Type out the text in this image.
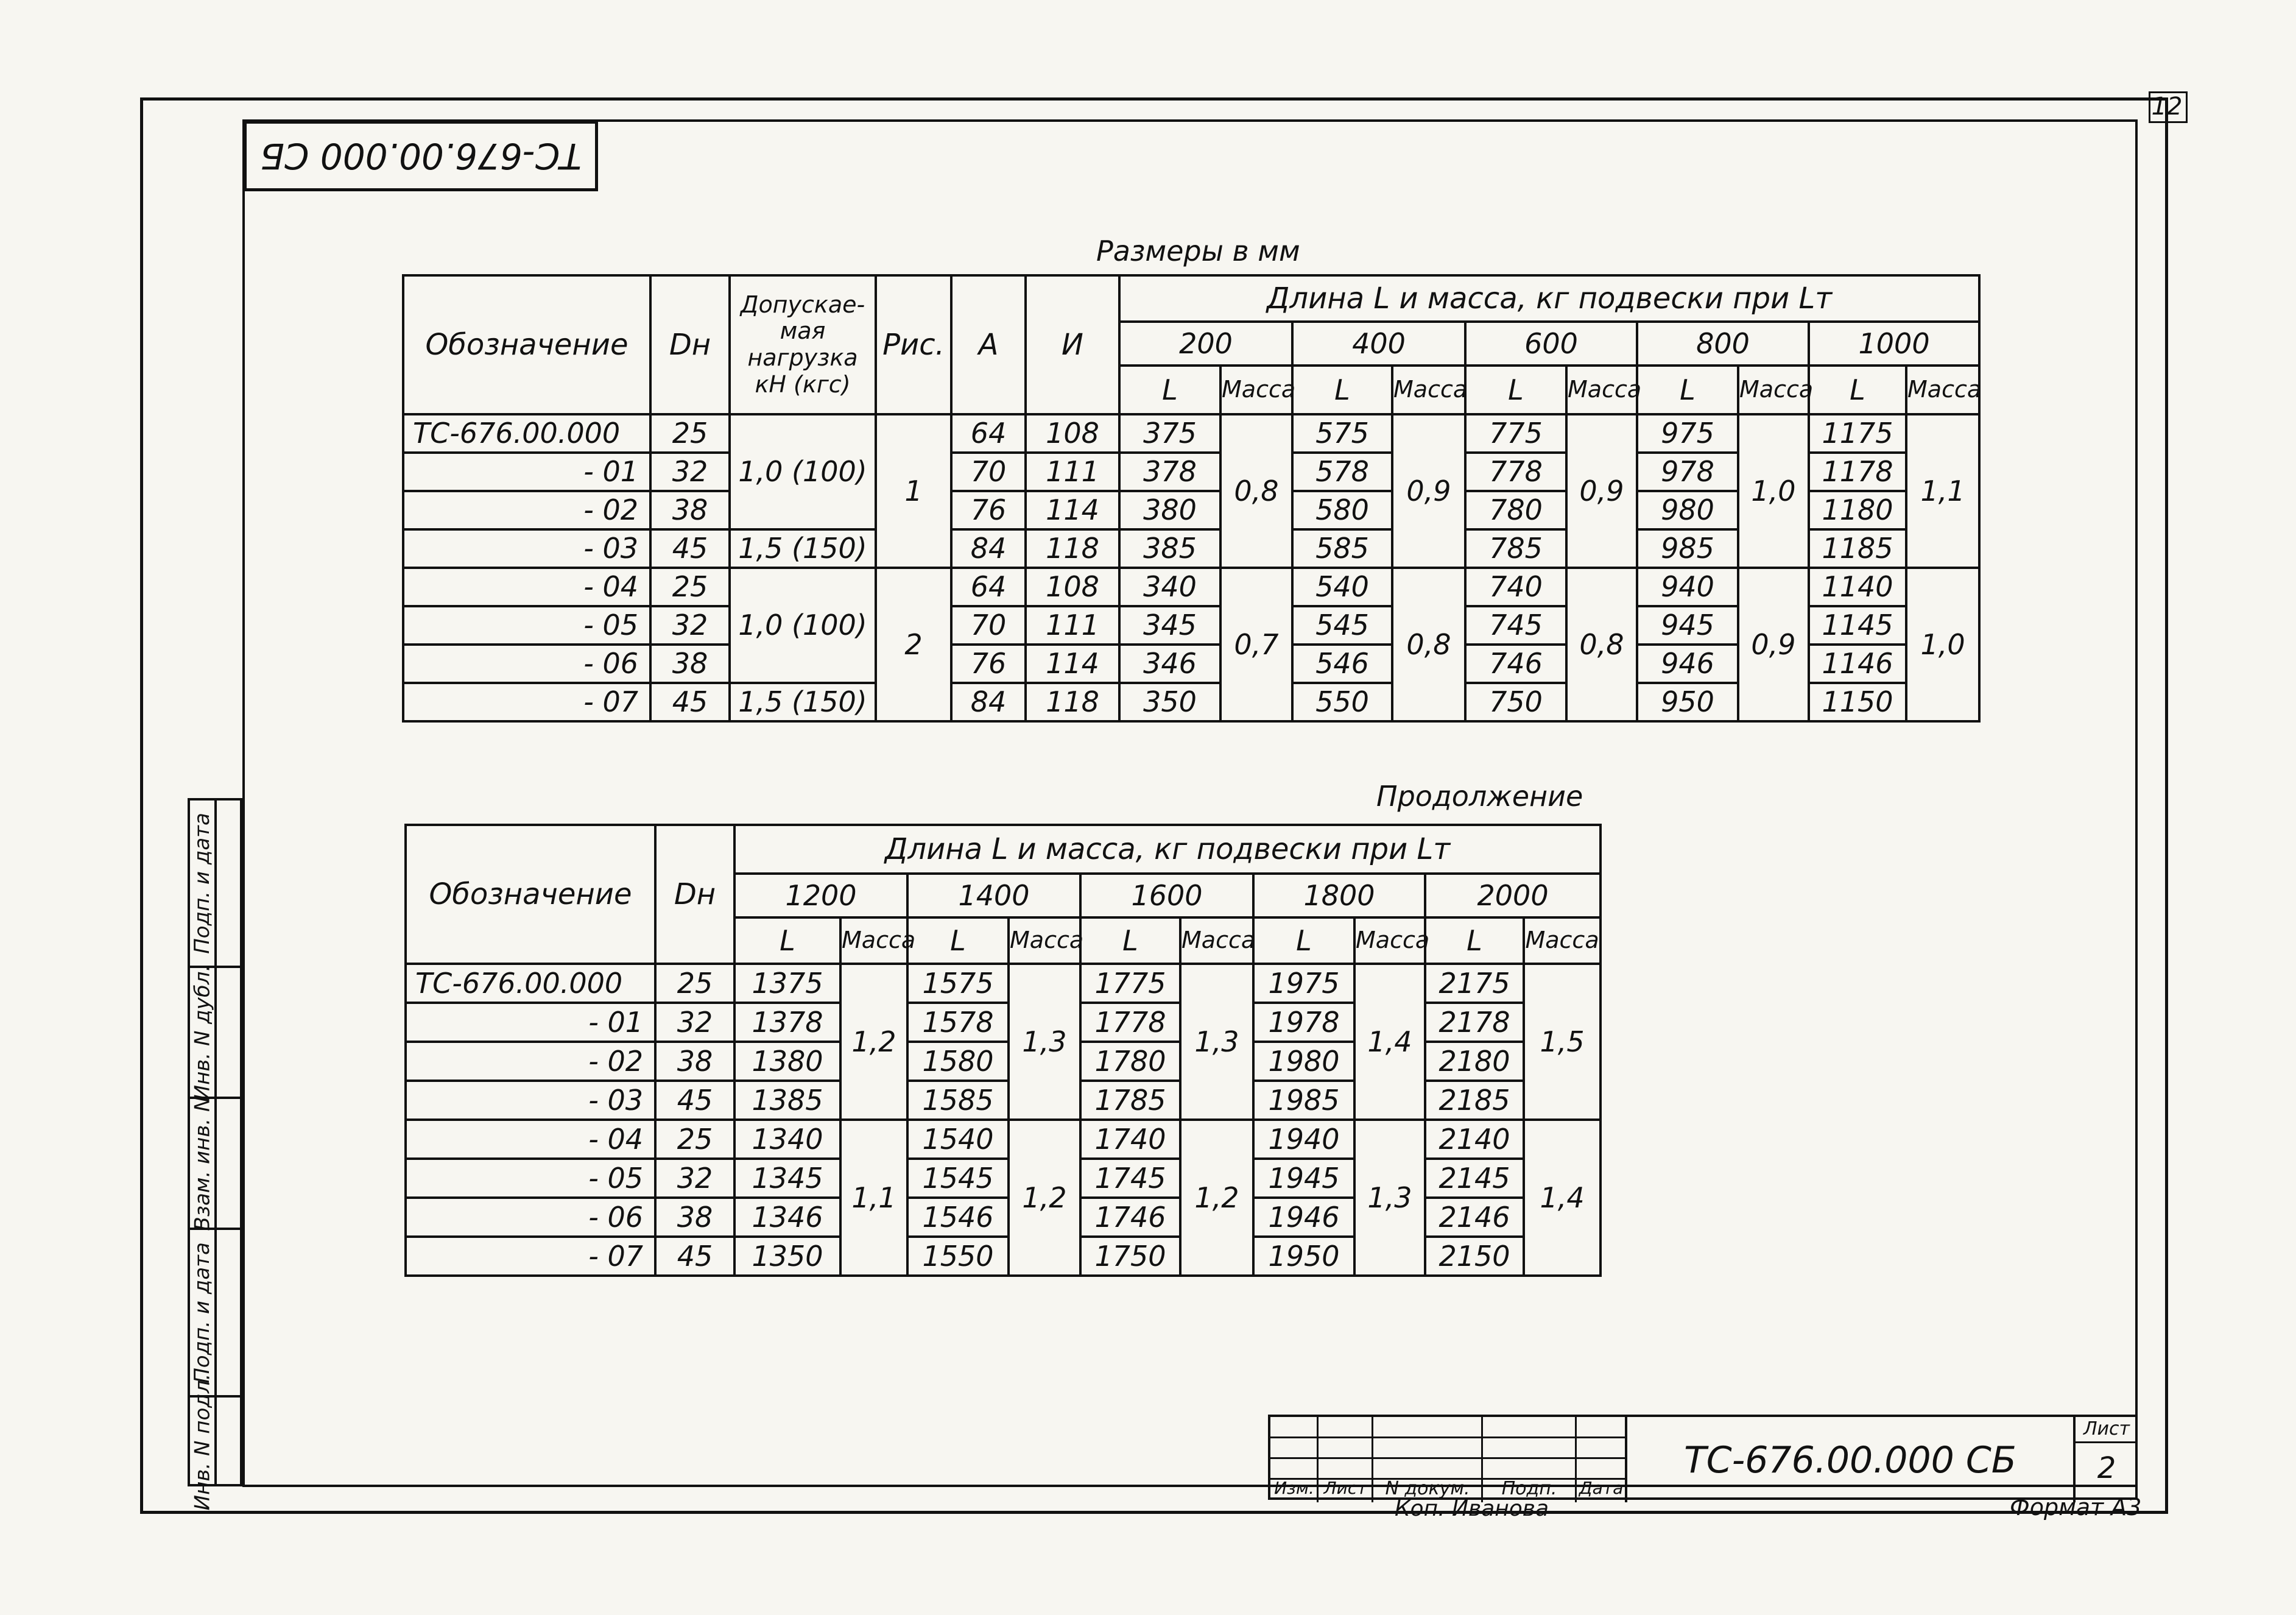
12
ТС-676.00.000 СБ
Размеры в мм
Обозначение	Dн	Допускае-мая нагрузка кН (кгс)	Рис.	А	И	Длина L и масса, кг подвески при Lт									
						200		400		600		800		1000	
						L	Масса	L	Масса	L	Масса	L	Масса	L	Масса
ТС-676.00.000	25	1,0 (100)	1	64	108	375	0,8	575	0,9	775	0,9	975	1,0	1175	1,1
- 01	32			70	111	378		578		778		978		1178	
- 02	38			76	114	380		580		780		980		1180	
- 03	45	1,5 (150)		84	118	385		585		785		985		1185	
- 04	25	1,0 (100)	2	64	108	340	0,7	540	0,8	740	0,8	940	0,9	1140	1,0
- 05	32			70	111	345		545		745		945		1145	
- 06	38			76	114	346		546		746		946		1146	
- 07	45	1,5 (150)		84	118	350		550		750		950		1150	
Продолжение
Обозначение	Dн	Длина L и масса, кг подвески при Lт									
		1200		1400		1600		1800		2000	
		L	Масса	L	Масса	L	Масса	L	Масса	L	Масса
ТС-676.00.000	25	1375	1,2	1575	1,3	1775	1,3	1975	1,4	2175	1,5
- 01	32	1378		1578		1778		1978		2178	
- 02	38	1380		1580		1780		1980		2180	
- 03	45	1385		1585		1785		1985		2185	
- 04	25	1340	1,1	1540	1,2	1740	1,2	1940	1,3	2140	1,4
- 05	32	1345		1545		1745		1945		2145	
- 06	38	1346		1546		1746		1946		2146	
- 07	45	1350		1550		1750		1950		2150	
Подп. и дата
Инв. N дубл.
Взам. инв. N
Подп. и дата
Инв. N подл.	Изм. Лист N докум.	Подп.	Дата
ТС-676.00.000 СБ
Лист
2
Коп. Иванова	Формат А3
